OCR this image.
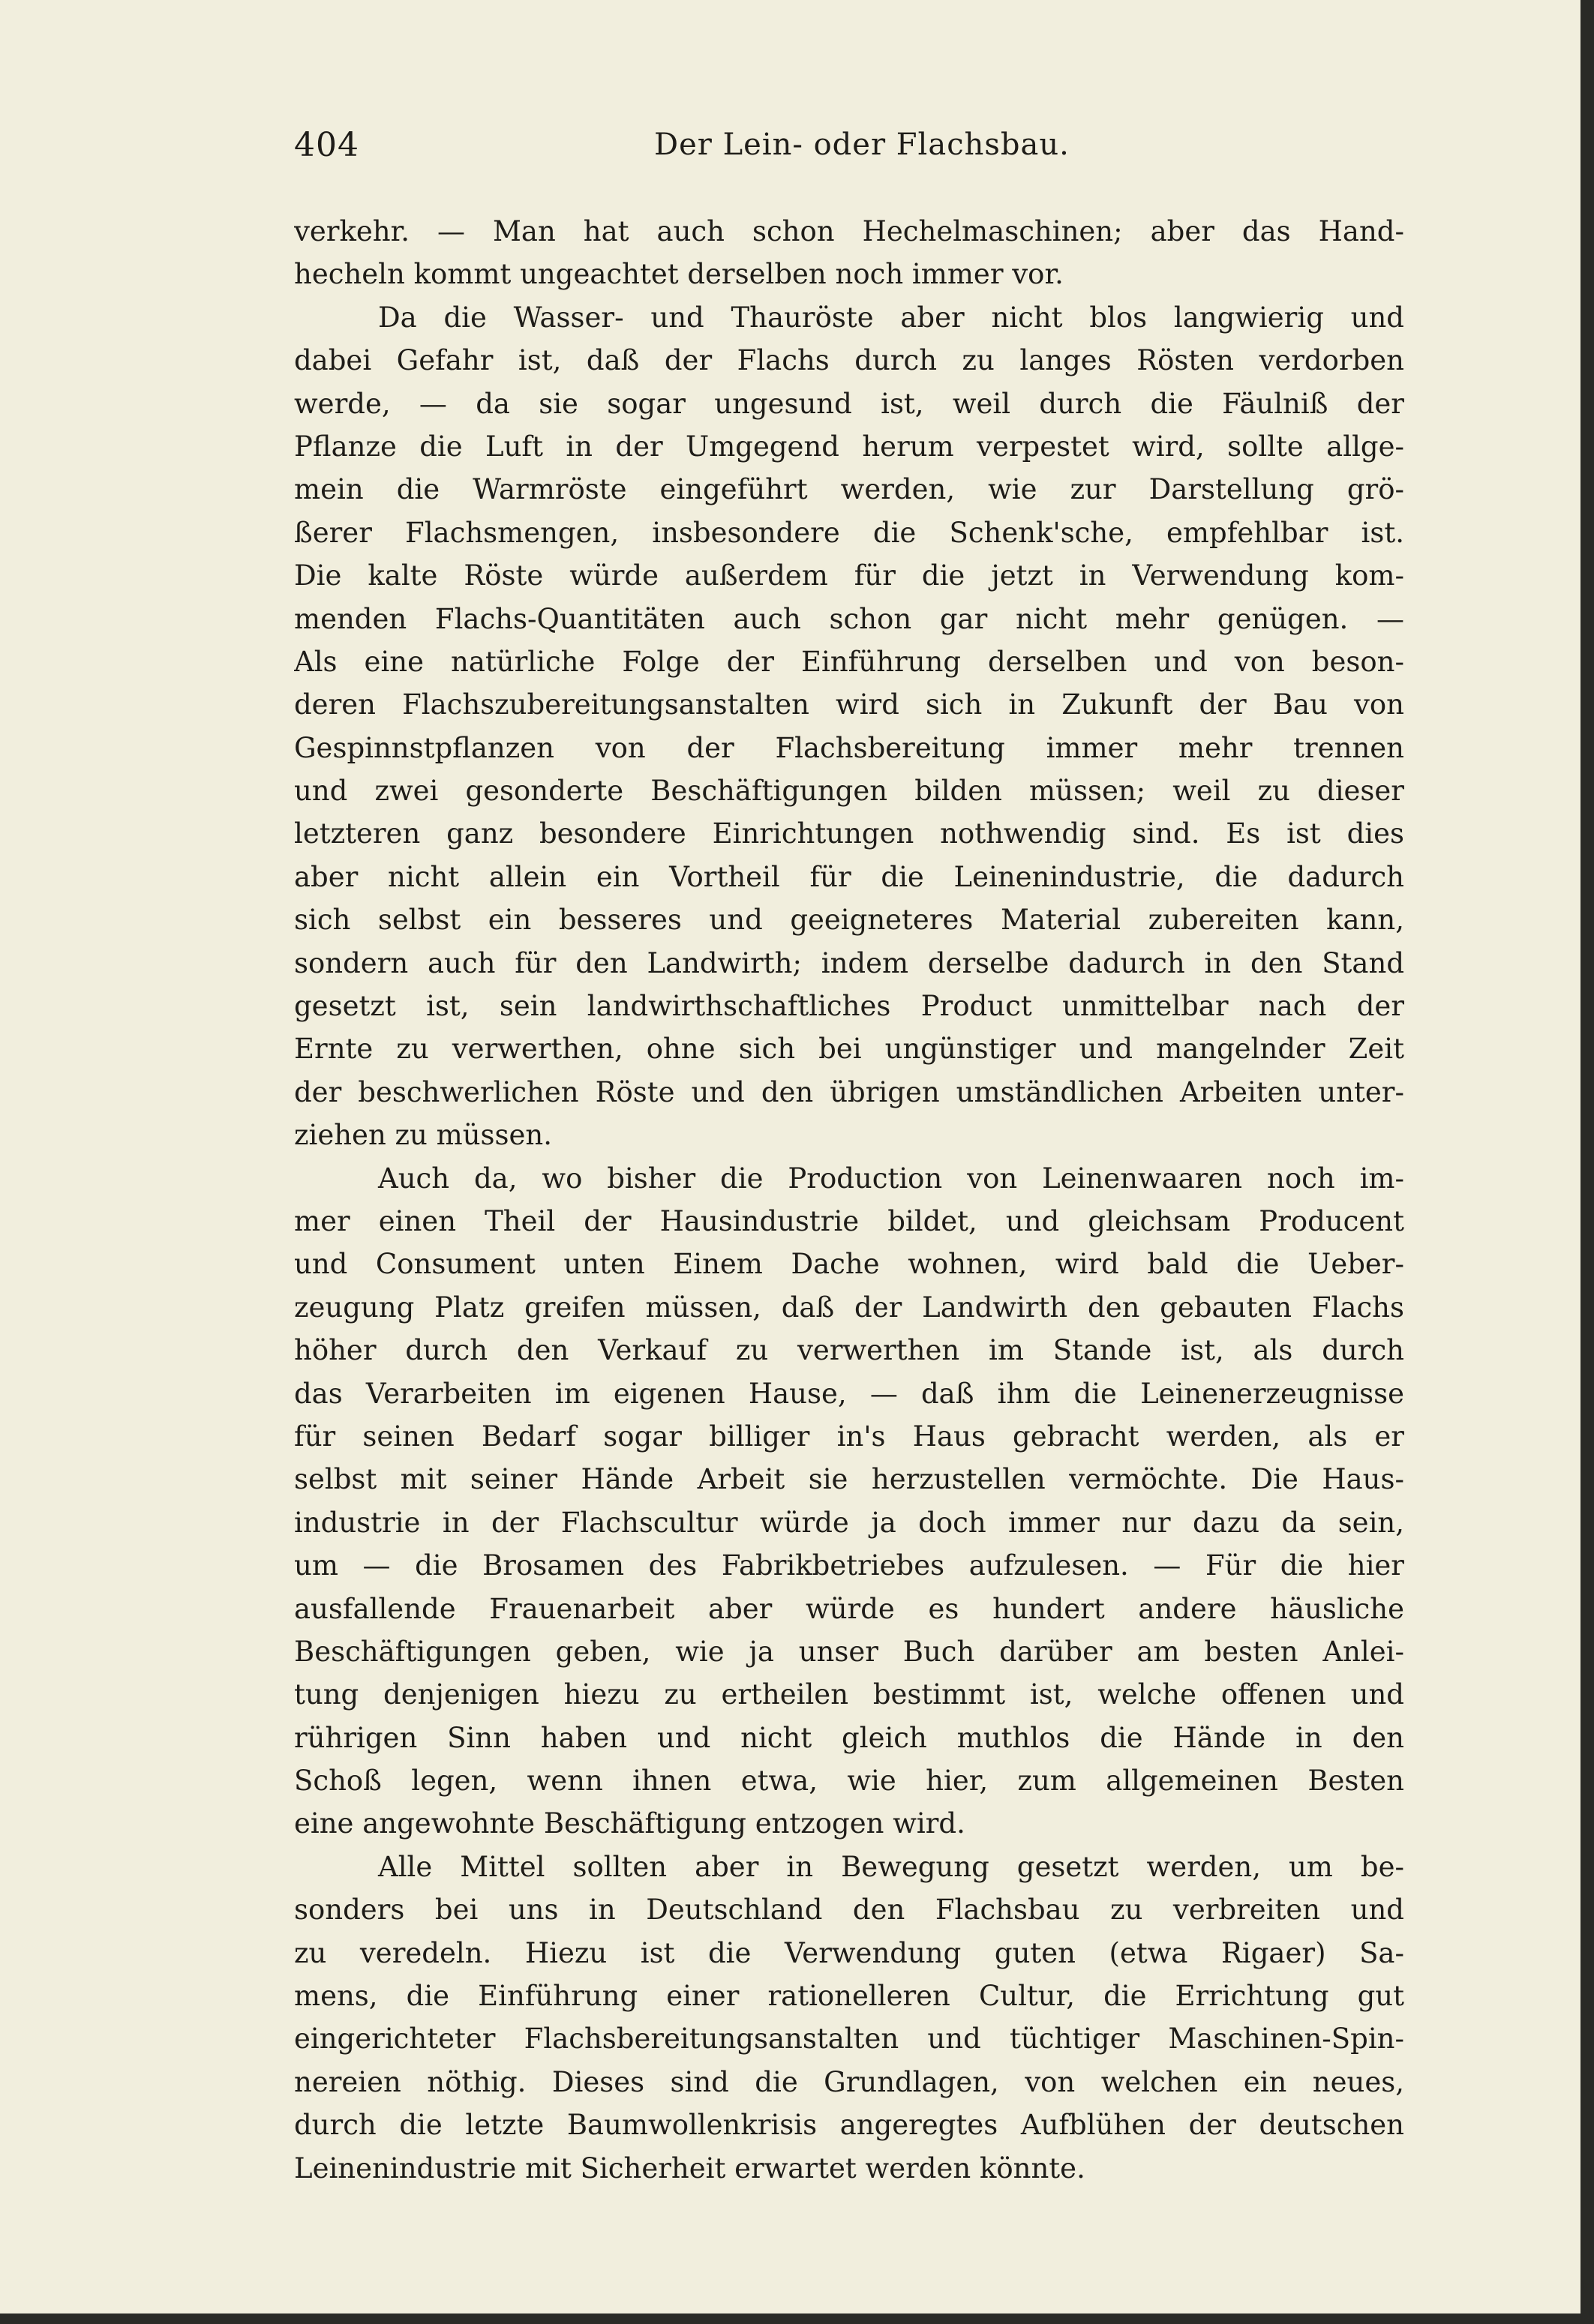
404	Der Lein- oder Flachsbau.
verkehr. — Man hat auch schon Hechelmaschinen; aber das Hand-
hecheln kommt ungeachtet derselben noch immer vor.
Da die Wasser- und Thauröste aber nicht blos langwierig und
dabei Gefahr ist, daß der Flachs durch zu langes Rösten verdorben
werde, — da sie sogar ungesund ist, weil durch die Fäulniß der
Pflanze die Luft in der Umgegend herum verpestet wird, sollte allge-
mein die Warmröste eingeführt werden, wie zur Darstellung grö-
ßerer Flachsmengen, insbesondere die Schenk'sche, empfehlbar ist.
Die kalte Röste würde außerdem für die jetzt in Verwendung kom-
menden Flachs-Quantitäten auch schon gar nicht mehr genügen. —
Als eine natürliche Folge der Einführung derselben und von beson-
deren Flachszubereitungsanstalten wird sich in Zukunft der Bau von
Gespinnstpflanzen von der Flachsbereitung immer mehr trennen
und zwei gesonderte Beschäftigungen bilden müssen; weil zu dieser
letzteren ganz besondere Einrichtungen nothwendig sind. Es ist dies
aber nicht allein ein Vortheil für die Leinenindustrie, die dadurch
sich selbst ein besseres und geeigneteres Material zubereiten kann,
sondern auch für den Landwirth; indem derselbe dadurch in den Stand
gesetzt ist, sein landwirthschaftliches Product unmittelbar nach der
Ernte zu verwerthen, ohne sich bei ungünstiger und mangelnder Zeit
der beschwerlichen Röste und den übrigen umständlichen Arbeiten unter-
ziehen zu müssen.
Auch da, wo bisher die Production von Leinenwaaren noch im-
mer einen Theil der Hausindustrie bildet, und gleichsam Producent
und Consument unten Einem Dache wohnen, wird bald die Ueber-
zeugung Platz greifen müssen, daß der Landwirth den gebauten Flachs
höher durch den Verkauf zu verwerthen im Stande ist, als durch
das Verarbeiten im eigenen Hause, — daß ihm die Leinenerzeugnisse
für seinen Bedarf sogar billiger in's Haus gebracht werden, als er
selbst mit seiner Hände Arbeit sie herzustellen vermöchte. Die Haus-
industrie in der Flachscultur würde ja doch immer nur dazu da sein,
um — die Brosamen des Fabrikbetriebes aufzulesen. — Für die hier
ausfallende Frauenarbeit aber würde es hundert andere häusliche
Beschäftigungen geben, wie ja unser Buch darüber am besten Anlei-
tung denjenigen hiezu zu ertheilen bestimmt ist, welche offenen und
rührigen Sinn haben und nicht gleich muthlos die Hände in den
Schoß legen, wenn ihnen etwa, wie hier, zum allgemeinen Besten
eine angewohnte Beschäftigung entzogen wird.
Alle Mittel sollten aber in Bewegung gesetzt werden, um be-
sonders bei uns in Deutschland den Flachsbau zu verbreiten und
zu veredeln. Hiezu ist die Verwendung guten (etwa Rigaer) Sa-
mens, die Einführung einer rationelleren Cultur, die Errichtung gut
eingerichteter Flachsbereitungsanstalten und tüchtiger Maschinen-Spin-
nereien nöthig. Dieses sind die Grundlagen, von welchen ein neues,
durch die letzte Baumwollenkrisis angeregtes Aufblühen der deutschen
Leinenindustrie mit Sicherheit erwartet werden könnte.
